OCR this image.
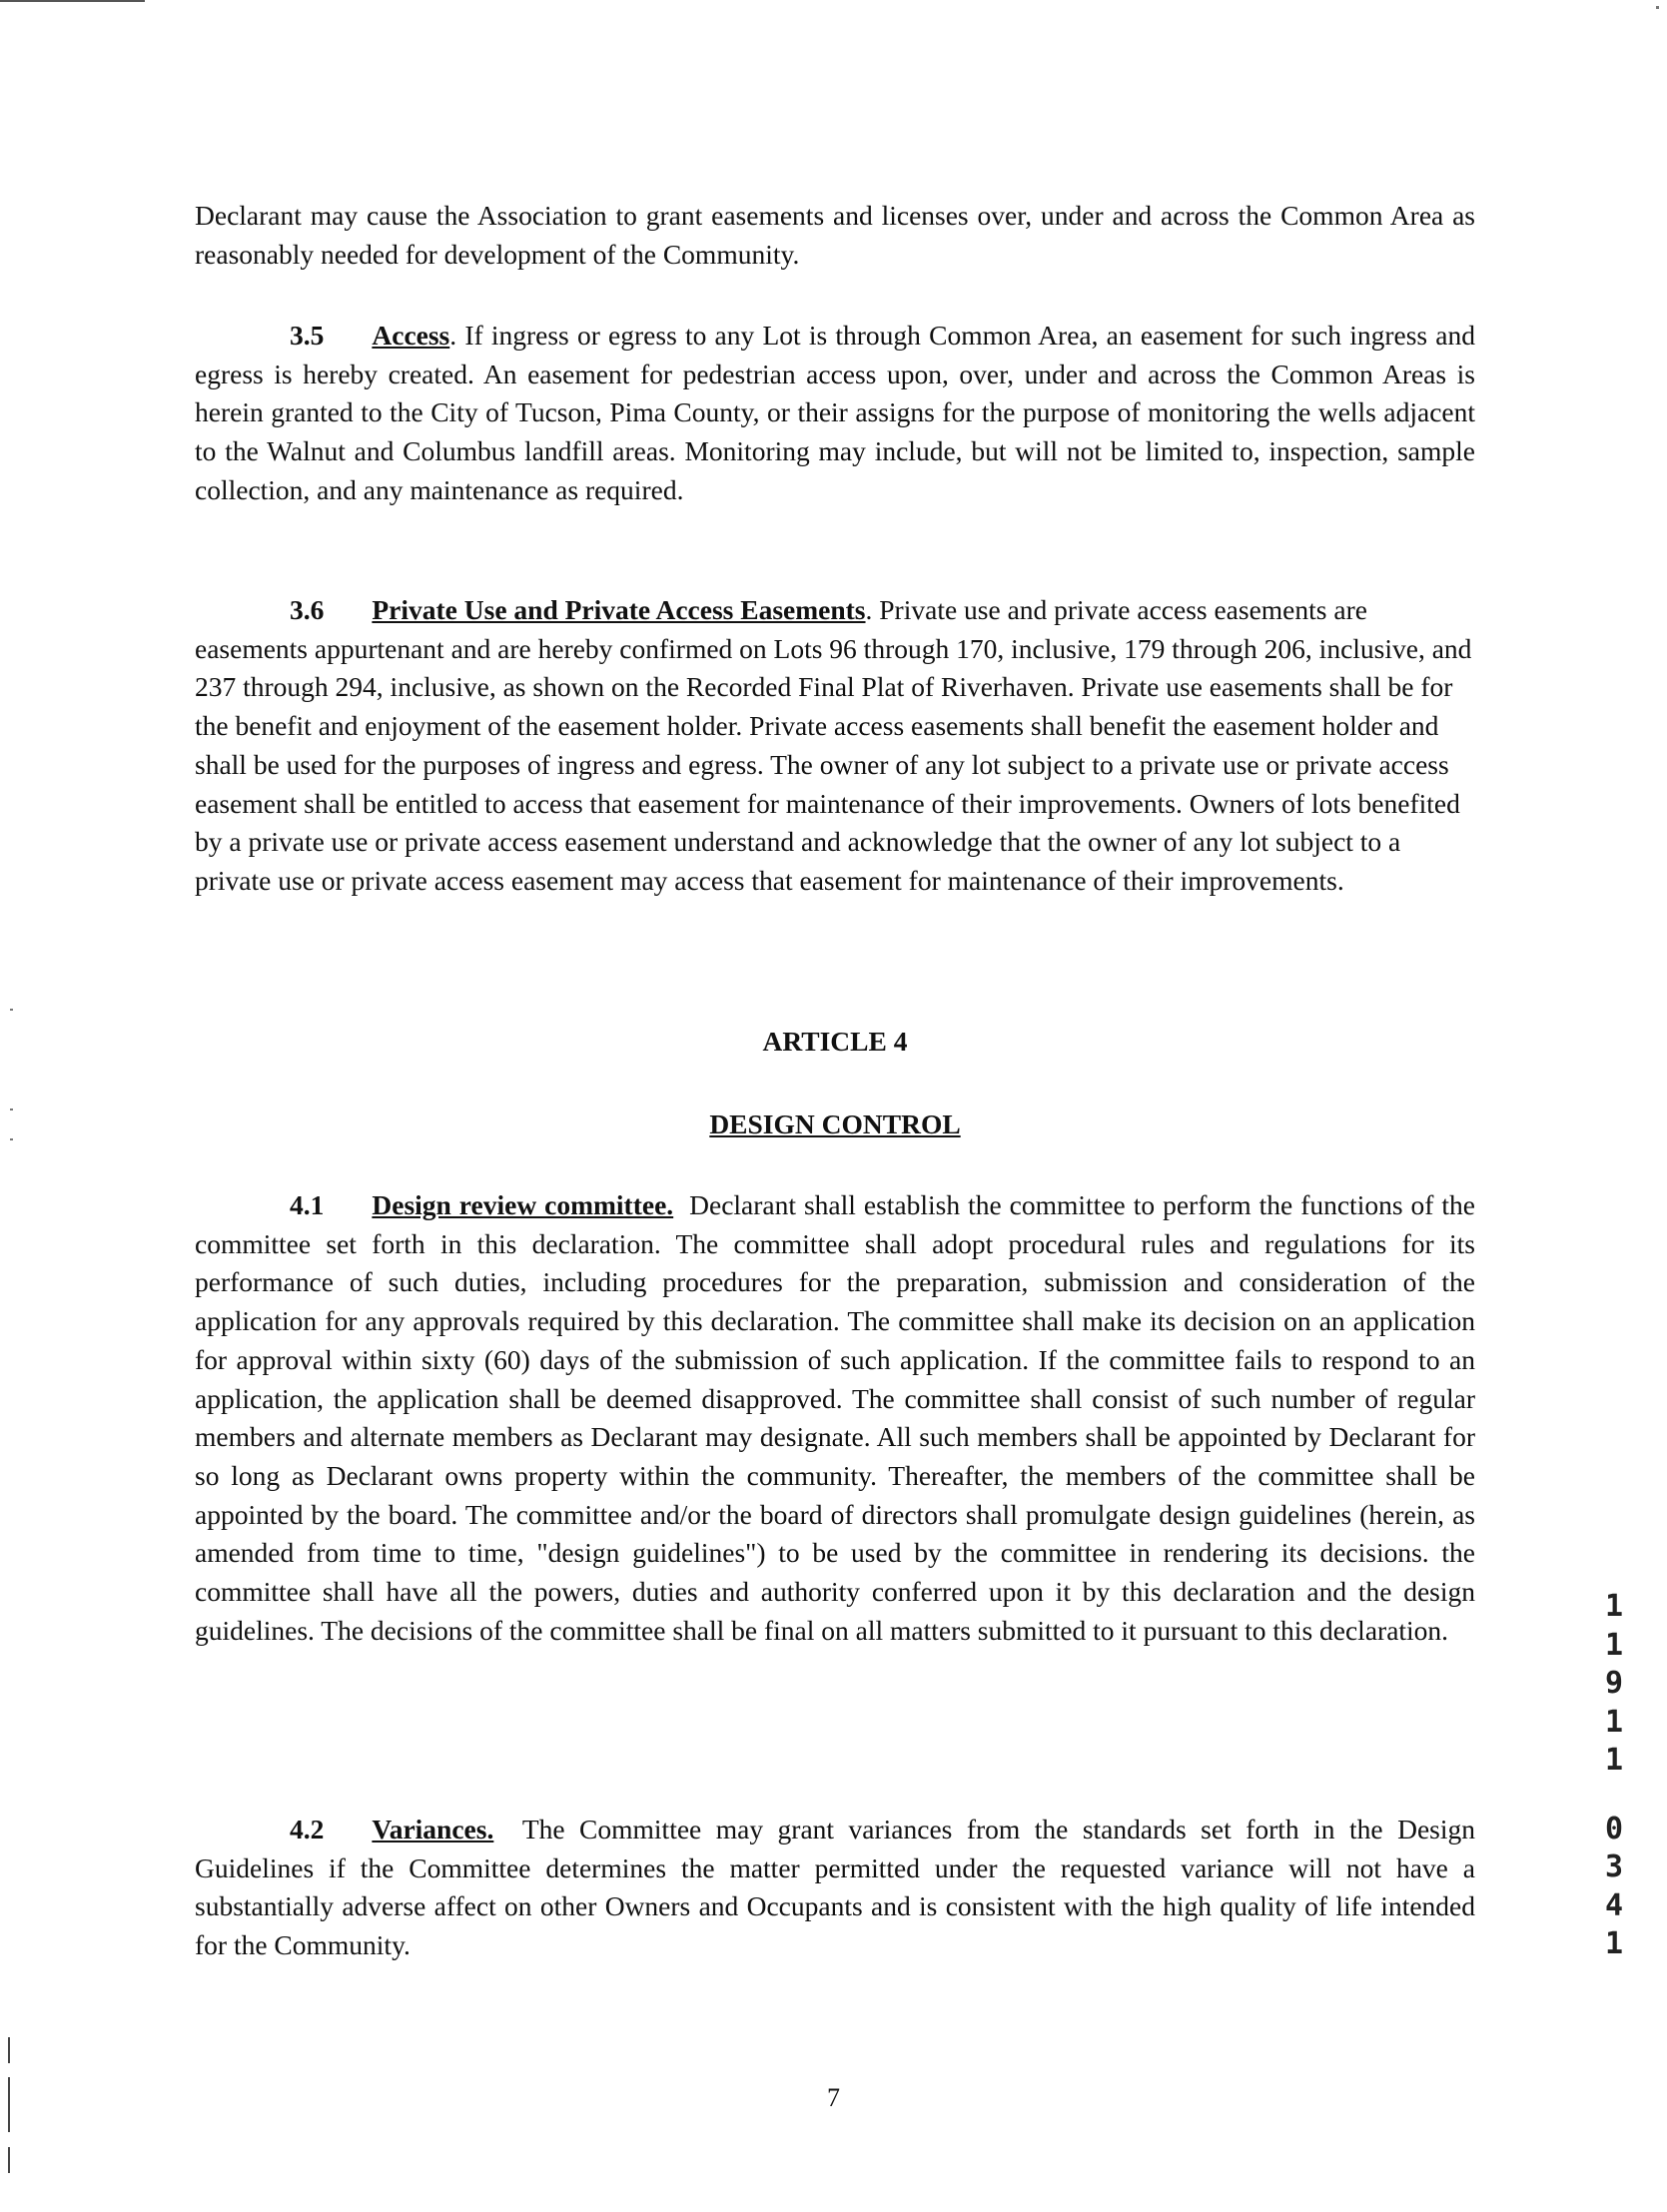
Declarant may cause the Association to grant easements and licenses over, under and across the Common Area as reasonably needed for development of the Community.

3.5 Access. If ingress or egress to any Lot is through Common Area, an easement for such ingress and egress is hereby created. An easement for pedestrian access upon, over, under and across the Common Areas is herein granted to the City of Tucson, Pima County, or their assigns for the purpose of monitoring the wells adjacent to the Walnut and Columbus landfill areas. Monitoring may include, but will not be limited to, inspection, sample collection, and any maintenance as required.

3.6 Private Use and Private Access Easements. Private use and private access easements are easements appurtenant and are hereby confirmed on Lots 96 through 170, inclusive, 179 through 206, inclusive, and 237 through 294, inclusive, as shown on the Recorded Final Plat of Riverhaven. Private use easements shall be for the benefit and enjoyment of the easement holder. Private access easements shall benefit the easement holder and shall be used for the purposes of ingress and egress. The owner of any lot subject to a private use or private access easement shall be entitled to access that easement for maintenance of their improvements. Owners of lots benefited by a private use or private access easement understand and acknowledge that the owner of any lot subject to a private use or private access easement may access that easement for maintenance of their improvements.

ARTICLE 4
DESIGN CONTROL

4.1 Design review committee. Declarant shall establish the committee to perform the functions of the committee set forth in this declaration. The committee shall adopt procedural rules and regulations for its performance of such duties, including procedures for the preparation, submission and consideration of the application for any approvals required by this declaration. The committee shall make its decision on an application for approval within sixty (60) days of the submission of such application. If the committee fails to respond to an application, the application shall be deemed disapproved. The committee shall consist of such number of regular members and alternate members as Declarant may designate. All such members shall be appointed by Declarant for so long as Declarant owns property within the community. Thereafter, the members of the committee shall be appointed by the board. The committee and/or the board of directors shall promulgate design guidelines (herein, as amended from time to time, "design guidelines") to be used by the committee in rendering its decisions. the committee shall have all the powers, duties and authority conferred upon it by this declaration and the design guidelines. The decisions of the committee shall be final on all matters submitted to it pursuant to this declaration.

4.2 Variances. The Committee may grant variances from the standards set forth in the Design Guidelines if the Committee determines the matter permitted under the requested variance will not have a substantially adverse affect on other Owners and Occupants and is consistent with the high quality of life intended for the Community.

1
1
9
1
1
0
3
4
1
7
